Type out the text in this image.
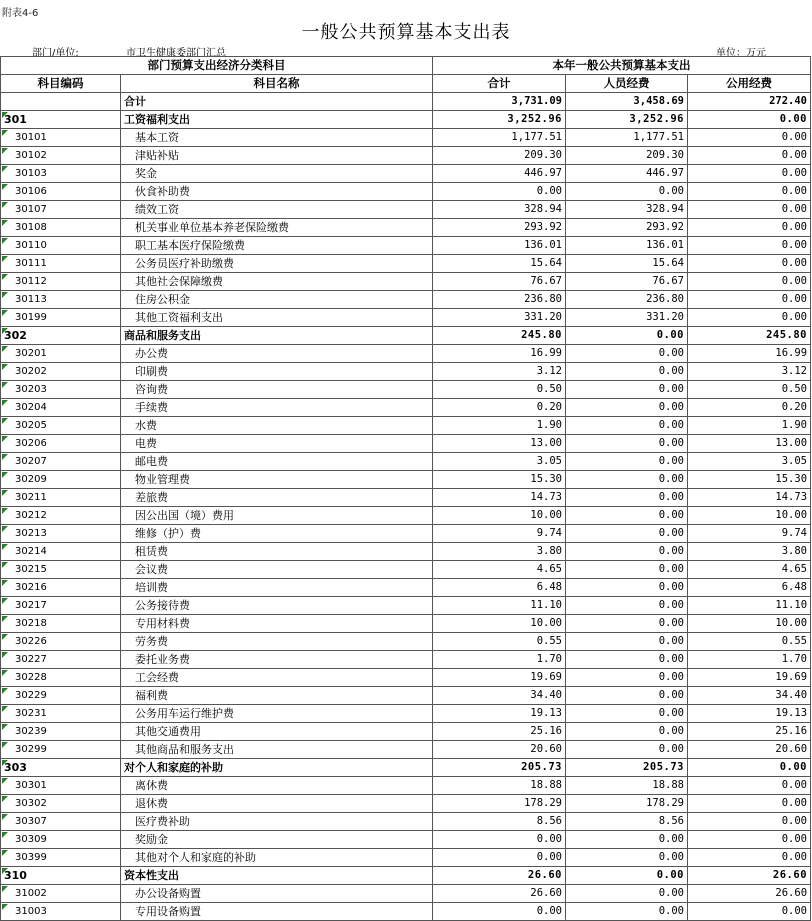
附表4-6
一般公共预算基本支出表
部门/单位:	市卫生健康委部门汇总	单位：万元
部门预算支出经济分类科目		本年一般公共预算基本支出		
科目编码	科目名称	合计	人员经费	公用经费
	合计	3,731.09	3,458.69	272.40
301	工资福利支出	3,252.96	3,252.96	0.00
30101	基本工资	1,177.51	1,177.51	0.00
30102	津贴补贴	209.30	209.30	0.00
30103	奖金	446.97	446.97	0.00
30106	伙食补助费	0.00	0.00	0.00
30107	绩效工资	328.94	328.94	0.00
30108	机关事业单位基本养老保险缴费	293.92	293.92	0.00
30110	职工基本医疗保险缴费	136.01	136.01	0.00
30111	公务员医疗补助缴费	15.64	15.64	0.00
30112	其他社会保障缴费	76.67	76.67	0.00
30113	住房公积金	236.80	236.80	0.00
30199	其他工资福利支出	331.20	331.20	0.00
302	商品和服务支出	245.80	0.00	245.80
30201	办公费	16.99	0.00	16.99
30202	印刷费	3.12	0.00	3.12
30203	咨询费	0.50	0.00	0.50
30204	手续费	0.20	0.00	0.20
30205	水费	1.90	0.00	1.90
30206	电费	13.00	0.00	13.00
30207	邮电费	3.05	0.00	3.05
30209	物业管理费	15.30	0.00	15.30
30211	差旅费	14.73	0.00	14.73
30212	因公出国（境）费用	10.00	0.00	10.00
30213	维修（护）费	9.74	0.00	9.74
30214	租赁费	3.80	0.00	3.80
30215	会议费	4.65	0.00	4.65
30216	培训费	6.48	0.00	6.48
30217	公务接待费	11.10	0.00	11.10
30218	专用材料费	10.00	0.00	10.00
30226	劳务费	0.55	0.00	0.55
30227	委托业务费	1.70	0.00	1.70
30228	工会经费	19.69	0.00	19.69
30229	福利费	34.40	0.00	34.40
30231	公务用车运行维护费	19.13	0.00	19.13
30239	其他交通费用	25.16	0.00	25.16
30299	其他商品和服务支出	20.60	0.00	20.60
303	对个人和家庭的补助	205.73	205.73	0.00
30301	离休费	18.88	18.88	0.00
30302	退休费	178.29	178.29	0.00
30307	医疗费补助	8.56	8.56	0.00
30309	奖励金	0.00	0.00	0.00
30399	其他对个人和家庭的补助	0.00	0.00	0.00
310	资本性支出	26.60	0.00	26.60
31002	办公设备购置	26.60	0.00	26.60
31003	专用设备购置	0.00	0.00	0.00
